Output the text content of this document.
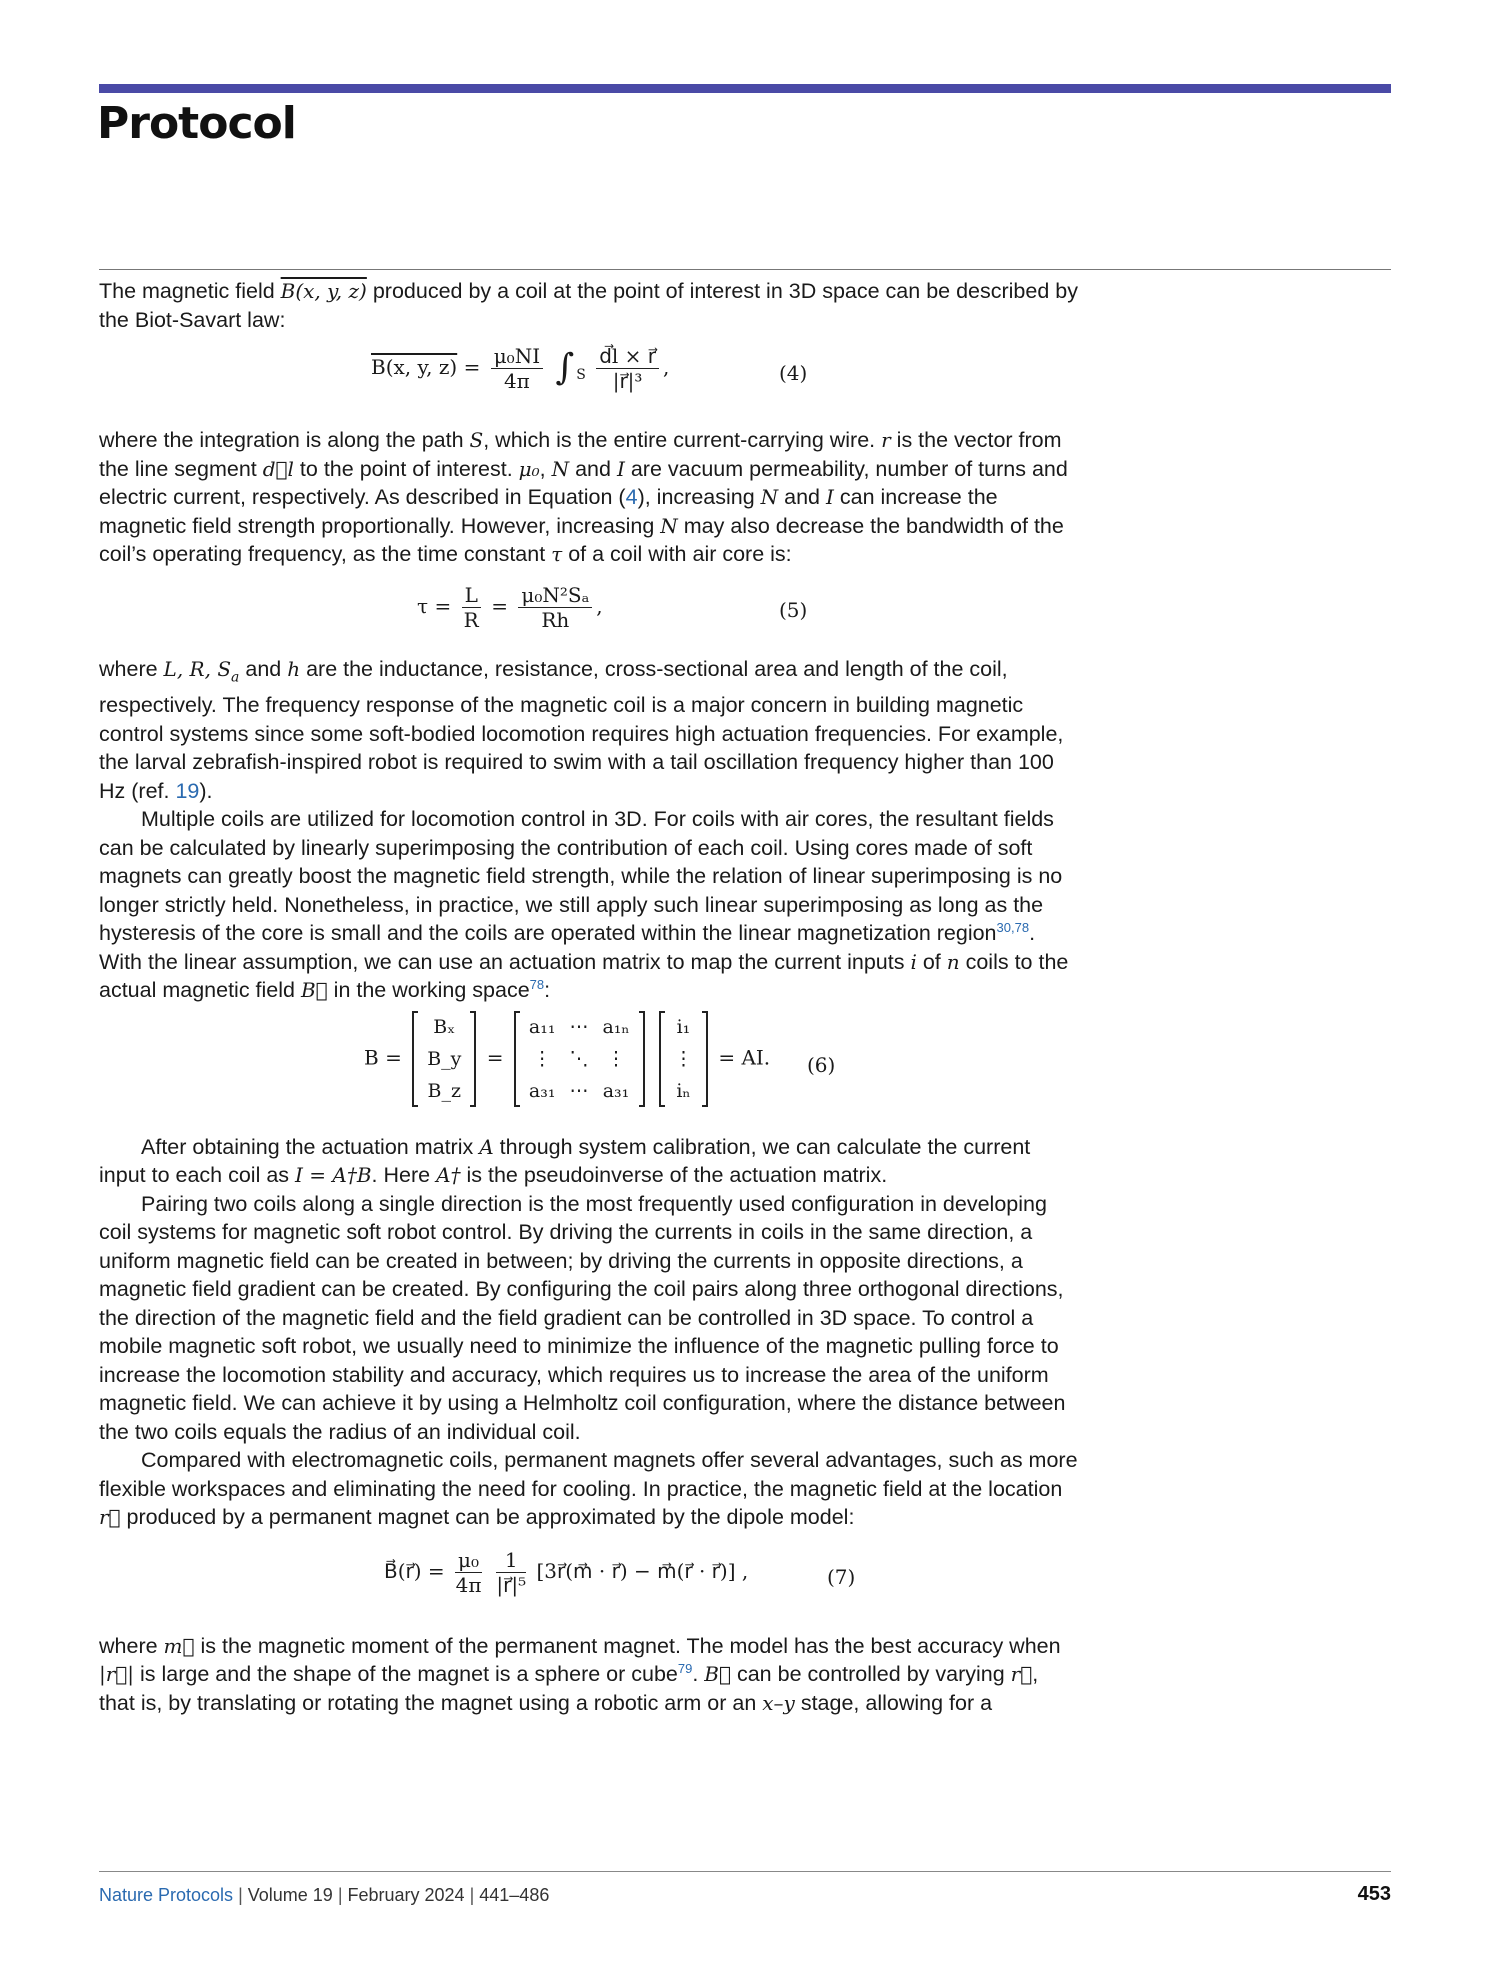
Protocol

The magnetic field B(x, y, z) produced by a coil at the point of interest in 3D space can be described by the Biot-Savart law:

B(x, y, $z) = \frac{\text{μ₀NI}}{4\pi}$ ∫ $_S \frac{d⃗l \times r⃗}{\text{|r⃗|³}}$ ,	(4)

where the integration is along the path S, which is the entire current-carrying wire. r is the vector from the line segment d⃗l to the point of interest. μ₀, N and I are vacuum permeability, number of turns and electric current, respectively. As described in Equation (4), increasing N and I can increase the magnetic field strength proportionally. However, increasing N may also decrease the bandwidth of the coil’s operating frequency, as the time constant τ of a coil with air core is:

$\tau = \frac{L}{R} = \frac{\text{μ₀N²Sₐ}}{Rh}$ ,	(5)

where L, R, $S_a$ and h are the inductance, resistance, cross-sectional area and length of the coil, respectively. The frequency response of the magnetic coil is a major concern in building magnetic control systems since some soft-bodied locomotion requires high actuation frequencies. For example, the larval zebrafish-inspired robot is required to swim with a tail oscillation frequency higher than 100 Hz (ref. 19).

Multiple coils are utilized for locomotion control in 3D. For coils with air cores, the resultant fields can be calculated by linearly superimposing the contribution of each coil. Using cores made of soft magnets can greatly boost the magnetic field strength, while the relation of linear superimposing is no longer strictly held. Nonetheless, in practice, we still apply such linear superimposing as long as the hysteresis of the core is small and the coils are operated within the linear magnetization region$^{30,78}$. With the linear assumption, we can use an actuation matrix to map the current inputs i of n coils to the actual magnetic field B⃗ in the working space$^{78}$:

B =
Bₓ
B_y
B_z
=
a₁₁	⋯	a₁ₙ
⋮	⋱	⋮
a₃₁	⋯	a₃₁

i₁
⋮
iₙ
= AI. (6)

After obtaining the actuation matrix A through system calibration, we can calculate the current input to each coil as I = A†B. Here A† is the pseudoinverse of the actuation matrix.

Pairing two coils along a single direction is the most frequently used configuration in developing coil systems for magnetic soft robot control. By driving the currents in coils in the same direction, a uniform magnetic field can be created in between; by driving the currents in opposite directions, a magnetic field gradient can be created. By configuring the coil pairs along three orthogonal directions, the direction of the magnetic field and the field gradient can be controlled in 3D space. To control a mobile magnetic soft robot, we usually need to minimize the influence of the magnetic pulling force to increase the locomotion stability and accuracy, which requires us to increase the area of the uniform magnetic field. We can achieve it by using a Helmholtz coil configuration, where the distance between the two coils equals the radius of an individual coil.

Compared with electromagnetic coils, permanent magnets offer several advantages, such as more flexible workspaces and eliminating the need for cooling. In practice, the magnetic field at the location r⃗ produced by a permanent magnet can be approximated by the dipole model:

B⃗(r⃗) = $\frac{\text{μ₀}}{4\pi}$
$\frac{1}{\text{|r⃗|⁵}}$ [3r⃗(m⃗ · r⃗) − m⃗(r⃗ · r⃗)] ,	(7)

where m⃗ is the magnetic moment of the permanent magnet. The model has the best accuracy when |r⃗| is large and the shape of the magnet is a sphere or cube$^{79}$. B⃗ can be controlled by varying r⃗, that is, by translating or rotating the magnet using a robotic arm or an x–y stage, allowing for a

Nature Protocols | Volume 19 | February 2024 | 441–486	453
